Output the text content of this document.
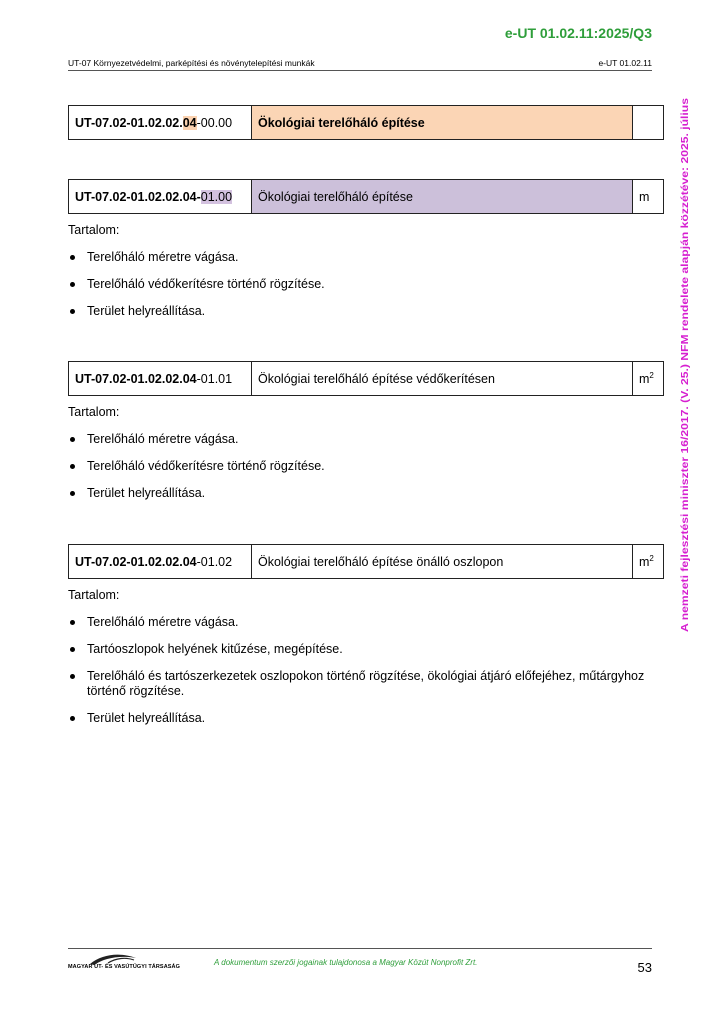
e-UT 01.02.11:2025/Q3
UT-07 Környezetvédelmi, parképítési és növénytelepítési munkák	e-UT 01.02.11
A nemzeti fejlesztési miniszter 16/2017. (V. 25.) NFM rendelete alapján közzétéve: 2025. július
UT-07.02-01.02.02.04-00.00	Ökológiai terelőháló építése	
UT-07.02-01.02.02.04-01.00	Ökológiai terelőháló építése	m
Tartalom:
Terelőháló méretre vágása.
Terelőháló védőkerítésre történő rögzítése.
Terület helyreállítása.
UT-07.02-01.02.02.04-01.01	Ökológiai terelőháló építése védőkerítésen	$m^2$
Tartalom:
Terelőháló méretre vágása.
Terelőháló védőkerítésre történő rögzítése.
Terület helyreállítása.
UT-07.02-01.02.02.04-01.02	Ökológiai terelőháló építése önálló oszlopon	$m^2$
Tartalom:
Terelőháló méretre vágása.
Tartóoszlopok helyének kitűzése, megépítése.
Terelőháló és tartószerkezetek oszlopokon történő rögzítése, ökológiai átjáró előfejéhez, műtárgyhoz történő rögzítése.
Terület helyreállítása.
MAGYAR ÚT- ÉS VASÚTÜGYI TÁRSASÁG	A dokumentum szerzői jogainak tulajdonosa a Magyar Közút Nonprofit Zrt.	53
